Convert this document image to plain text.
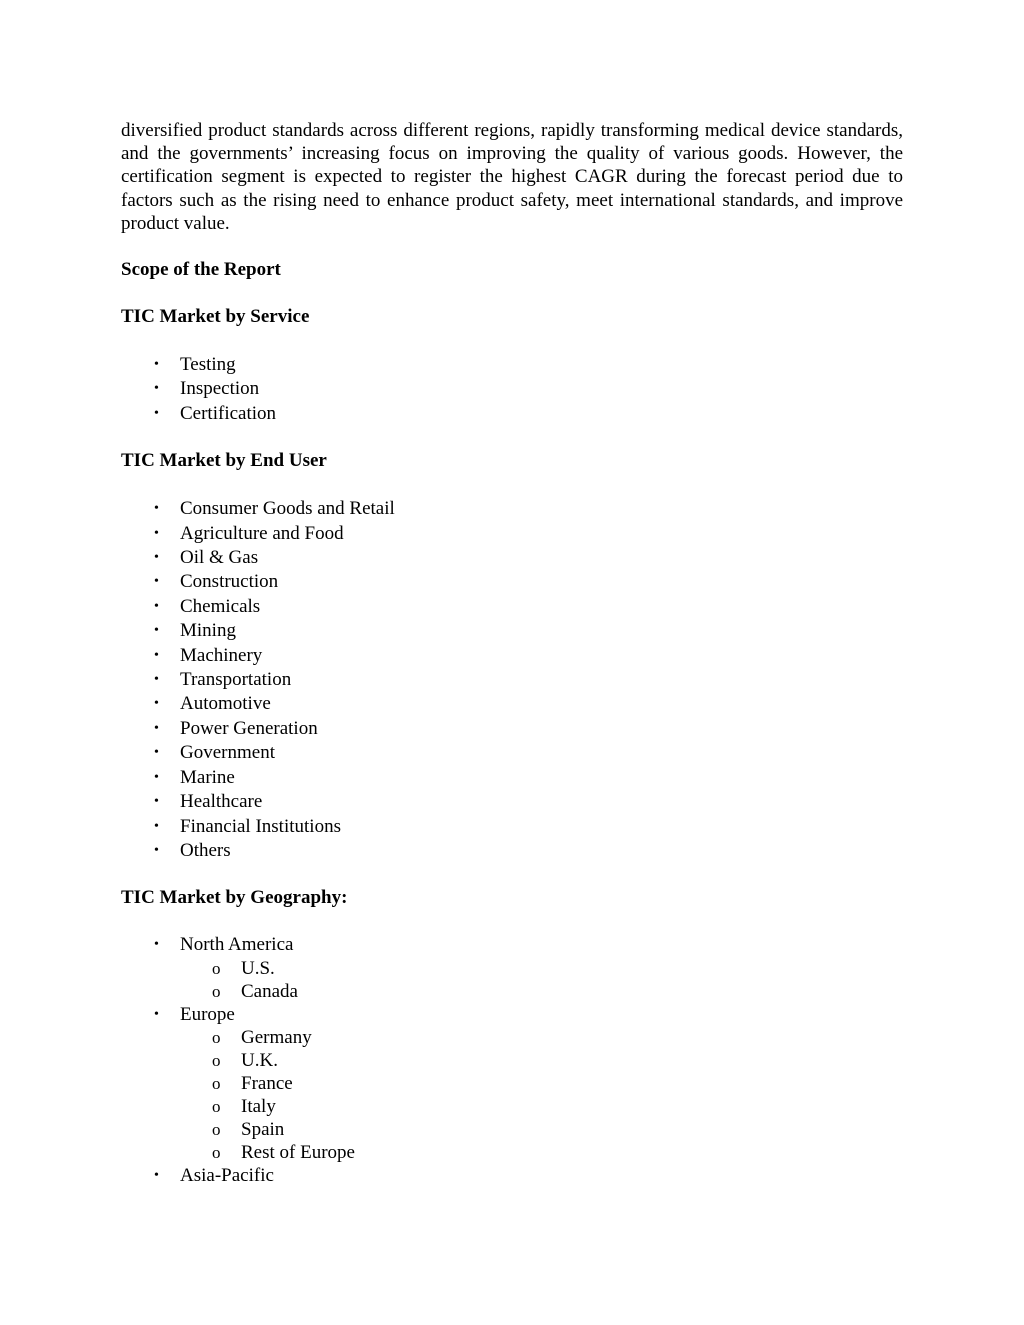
diversified product standards across different regions, rapidly transforming medical device standards, and the governments’ increasing focus on improving the quality of various goods. However, the certification segment is expected to register the highest CAGR during the forecast period due to factors such as the rising need to enhance product safety, meet international standards, and improve product value.

Scope of the Report

TIC Market by Service

• Testing
• Inspection
• Certification

TIC Market by End User

• Consumer Goods and Retail
• Agriculture and Food
• Oil & Gas
• Construction
• Chemicals
• Mining
• Machinery
• Transportation
• Automotive
• Power Generation
• Government
• Marine
• Healthcare
• Financial Institutions
• Others

TIC Market by Geography:

• North America
o U.S.
o Canada
• Europe
o Germany
o U.K.
o France
o Italy
o Spain
o Rest of Europe
• Asia-Pacific
